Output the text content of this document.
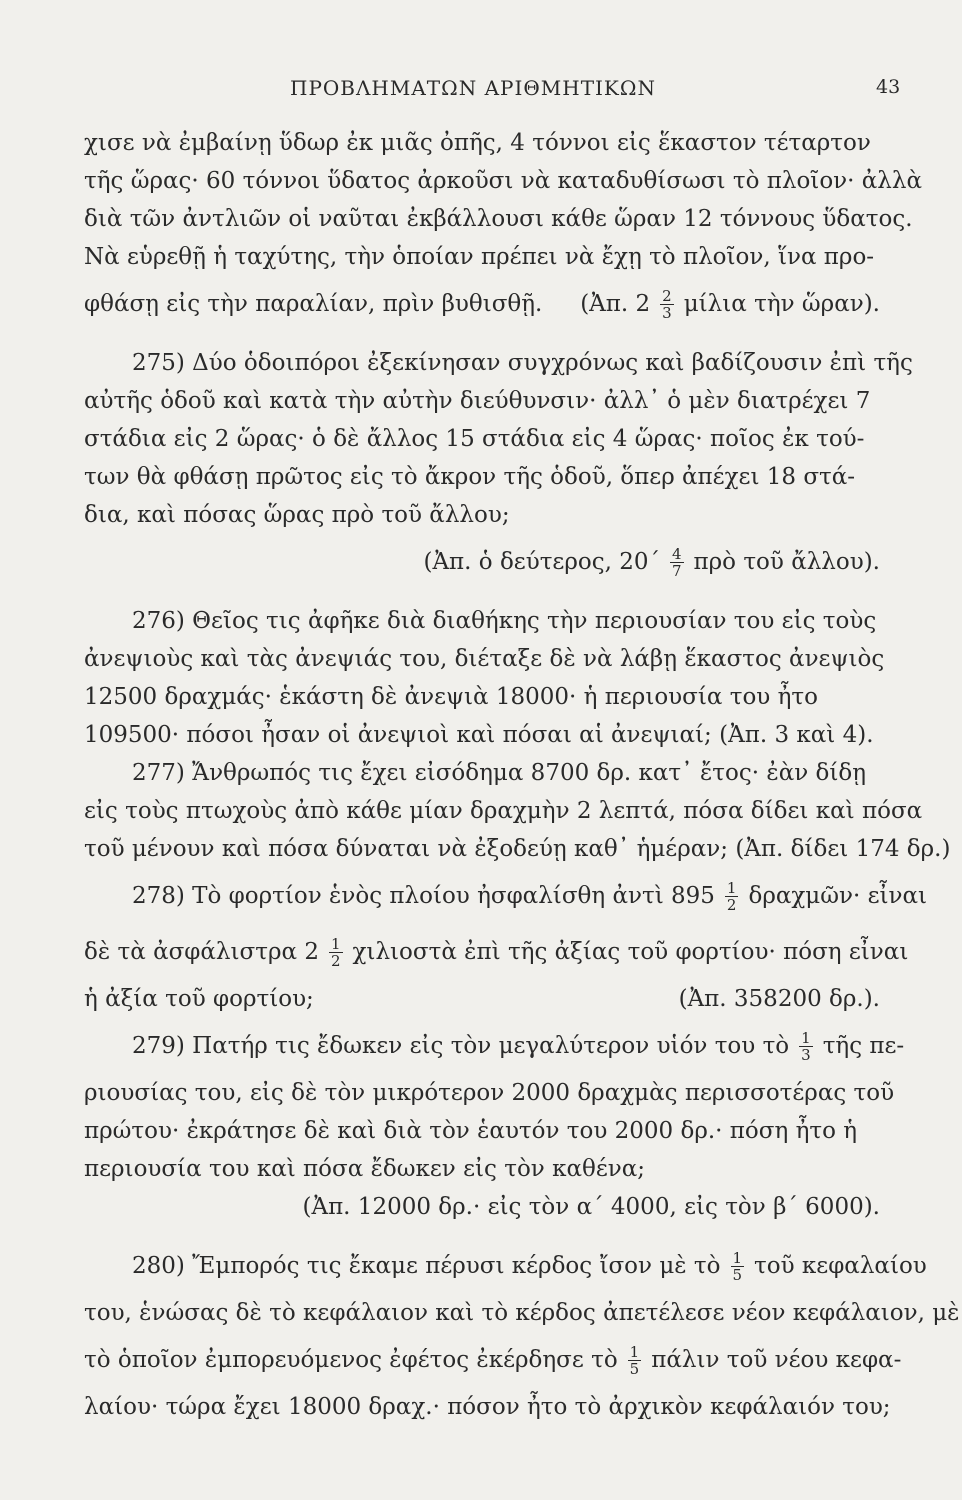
ΠΡΟΒΛΗΜΑΤΩΝ ΑΡΙΘΜΗΤΙΚΩΝ	43
χισε νὰ ἐμβαίνῃ ὕδωρ ἐκ μιᾶς ὀπῆς, 4 τόννοι εἰς ἕκαστον τέταρτον
τῆς ὥρας· 60 τόννοι ὕδατος ἀρκοῦσι νὰ καταδυθίσωσι τὸ πλοῖον· ἀλλὰ
διὰ τῶν ἀντλιῶν οἱ ναῦται ἐκβάλλουσι κάθε ὥραν 12 τόννους ὕδατος.
Νὰ εὑρεθῇ ἡ ταχύτης, τὴν ὁποίαν πρέπει νὰ ἔχῃ τὸ πλοῖον, ἵνα προ-
φθάσῃ εἰς τὴν παραλίαν, πρὶν βυθισθῇ. (Ἀπ. $2 \frac{2}{3}$ μίλια τὴν ὥραν).
275) Δύο ὁδοιπόροι ἐξεκίνησαν συγχρόνως καὶ βαδίζουσιν ἐπὶ τῆς
αὐτῆς ὁδοῦ καὶ κατὰ τὴν αὐτὴν διεύθυνσιν· ἀλλ᾽ ὁ μὲν διατρέχει 7
στάδια εἰς 2 ὥρας· ὁ δὲ ἄλλος 15 στάδια εἰς 4 ὥρας· ποῖος ἐκ τού-
των θὰ φθάσῃ πρῶτος εἰς τὸ ἄκρον τῆς ὁδοῦ, ὅπερ ἀπέχει 18 στά-
δια, καὶ πόσας ὥρας πρὸ τοῦ ἄλλου;
(Ἀπ. ὁ δεύτερος, $20΄ \frac{4}{7}$ πρὸ τοῦ ἄλλου).
276) Θεῖος τις ἀφῆκε διὰ διαθήκης τὴν περιουσίαν του εἰς τοὺς
ἀνεψιοὺς καὶ τὰς ἀνεψιάς του, διέταξε δὲ νὰ λάβῃ ἕκαστος ἀνεψιὸς
12500 δραχμάς· ἑκάστη δὲ ἀνεψιὰ 18000· ἡ περιουσία του ἦτο
109500· πόσοι ἦσαν οἱ ἀνεψιοὶ καὶ πόσαι αἱ ἀνεψιαί; (Ἀπ. 3 καὶ 4).
277) Ἄνθρωπός τις ἔχει εἰσόδημα 8700 δρ. κατ᾽ ἔτος· ἐὰν δίδῃ
εἰς τοὺς πτωχοὺς ἀπὸ κάθε μίαν δραχμὴν 2 λεπτά, πόσα δίδει καὶ πόσα
τοῦ μένουν καὶ πόσα δύναται νὰ ἐξοδεύῃ καθ᾽ ἡμέραν; (Ἀπ. δίδει 174 δρ.)
278) Τὸ φορτίον ἑνὸς πλοίου ἠσφαλίσθη ἀντὶ $895 \frac{1}{2}$ δραχμῶν· εἶναι
δὲ τὰ ἀσφάλιστρα $2 \frac{1}{2}$ χιλιοστὰ ἐπὶ τῆς ἀξίας τοῦ φορτίου· πόση εἶναι
ἡ ἀξία τοῦ φορτίου;	(Ἀπ. 358200 δρ.).
279) Πατήρ τις ἔδωκεν εἰς τὸν μεγαλύτερον υἱόν του τὸ $\frac{1}{3}$ τῆς πε-
ριουσίας του, εἰς δὲ τὸν μικρότερον 2000 δραχμὰς περισσοτέρας τοῦ
πρώτου· ἐκράτησε δὲ καὶ διὰ τὸν ἑαυτόν του 2000 δρ.· πόση ἦτο ἡ
περιουσία του καὶ πόσα ἔδωκεν εἰς τὸν καθένα;
(Ἀπ. 12000 δρ.· εἰς τὸν α΄ 4000, εἰς τὸν β΄ 6000).
280) Ἔμπορός τις ἔκαμε πέρυσι κέρδος ἴσον μὲ τὸ $\frac{1}{5}$ τοῦ κεφαλαίου
του, ἑνώσας δὲ τὸ κεφάλαιον καὶ τὸ κέρδος ἀπετέλεσε νέον κεφάλαιον, μὲ
τὸ ὁποῖον ἐμπορευόμενος ἐφέτος ἐκέρδησε τὸ $\frac{1}{5}$ πάλιν τοῦ νέου κεφα-
λαίου· τώρα ἔχει 18000 δραχ.· πόσον ἦτο τὸ ἀρχικὸν κεφάλαιόν του;
